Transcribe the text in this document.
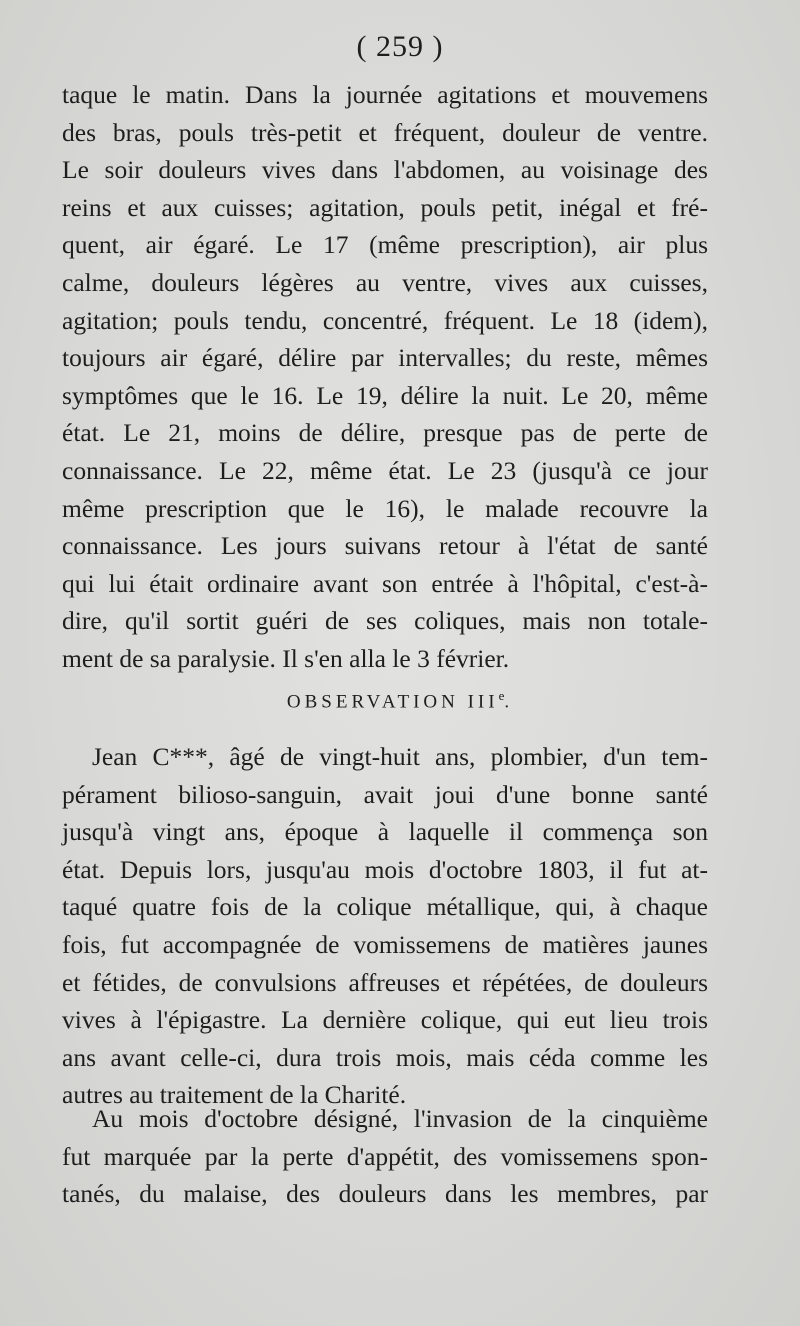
( 259 )
taque le matin. Dans la journée agitations et mouvemens
des bras, pouls très-petit et fréquent, douleur de ventre.
Le soir douleurs vives dans l'abdomen, au voisinage des
reins et aux cuisses; agitation, pouls petit, inégal et fré-
quent, air égaré. Le 17 (même prescription), air plus
calme, douleurs légères au ventre, vives aux cuisses,
agitation; pouls tendu, concentré, fréquent. Le 18 (idem),
toujours air égaré, délire par intervalles; du reste, mêmes
symptômes que le 16. Le 19, délire la nuit. Le 20, même
état. Le 21, moins de délire, presque pas de perte de
connaissance. Le 22, même état. Le 23 (jusqu'à ce jour
même prescription que le 16), le malade recouvre la
connaissance. Les jours suivans retour à l'état de santé
qui lui était ordinaire avant son entrée à l'hôpital, c'est-à-
dire, qu'il sortit guéri de ses coliques, mais non totale-
ment de sa paralysie. Il s'en alla le 3 février.
OBSERVATION IIIe.
Jean C***, âgé de vingt-huit ans, plombier, d'un tem-
pérament bilioso-sanguin, avait joui d'une bonne santé
jusqu'à vingt ans, époque à laquelle il commença son
état. Depuis lors, jusqu'au mois d'octobre 1803, il fut at-
taqué quatre fois de la colique métallique, qui, à chaque
fois, fut accompagnée de vomissemens de matières jaunes
et fétides, de convulsions affreuses et répétées, de douleurs
vives à l'épigastre. La dernière colique, qui eut lieu trois
ans avant celle-ci, dura trois mois, mais céda comme les
autres au traitement de la Charité.
Au mois d'octobre désigné, l'invasion de la cinquième
fut marquée par la perte d'appétit, des vomissemens spon-
tanés, du malaise, des douleurs dans les membres, par
